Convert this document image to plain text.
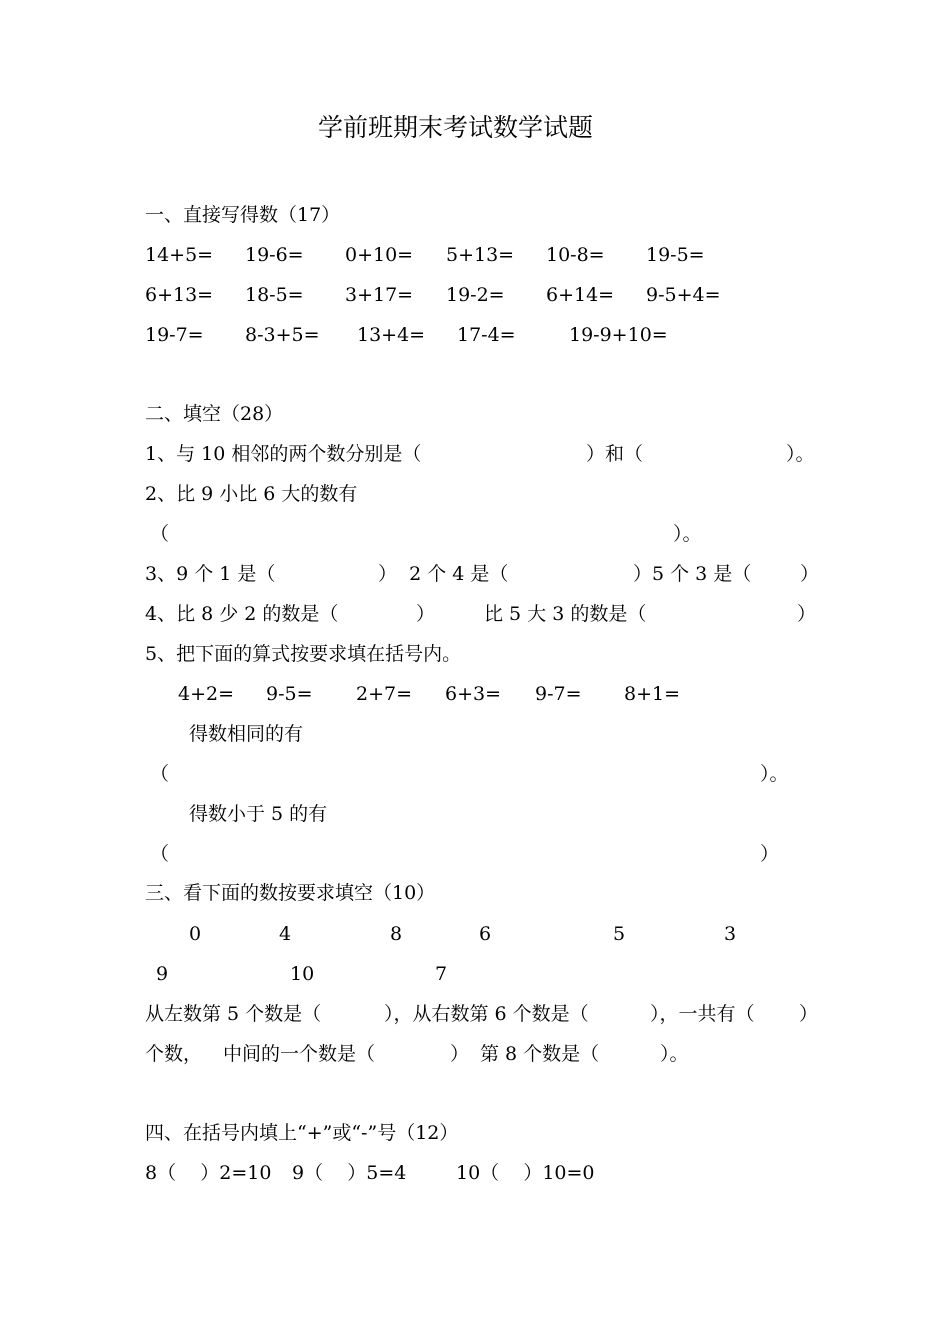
学前班期末考试数学试题
一、直接写得数（17）
14+5= 19-6= 0+10= 5+13= 10-8= 19-5=
6+13= 18-5= 3+17= 19-2= 6+14= 9-5+4=
19-7= 8-3+5= 13+4= 17-4=	19-9+10=
二、填空（28）
1、与 10 相邻的两个数分别是（	）和（	）。
2、比 9 小比 6 大的数有
（	）。
3、9 个 1 是（	）  2 个 4 是（	）5 个 3 是（	）
4、比 8 少 2 的数是（	）	比 5 大 3 的数是（	）
5、把下面的算式按要求填在括号内。
4+2= 9-5= 2+7= 6+3= 9-7= 8+1=
得数相同的有
（	）。
得数小于 5 的有
（	）
三、看下面的数按要求填空（10）
0	4	8	6	5	3
9	10	7
从左数第 5 个数是（	），从右数第 6 个数是（	），一共有（ ）
个数， 中间的一个数是（	） 第 8 个数是（	）。
四、在括号内填上“+”或“-”号（12）
8（    ）2=10 9（    ）5=4	10（    ）10=0
